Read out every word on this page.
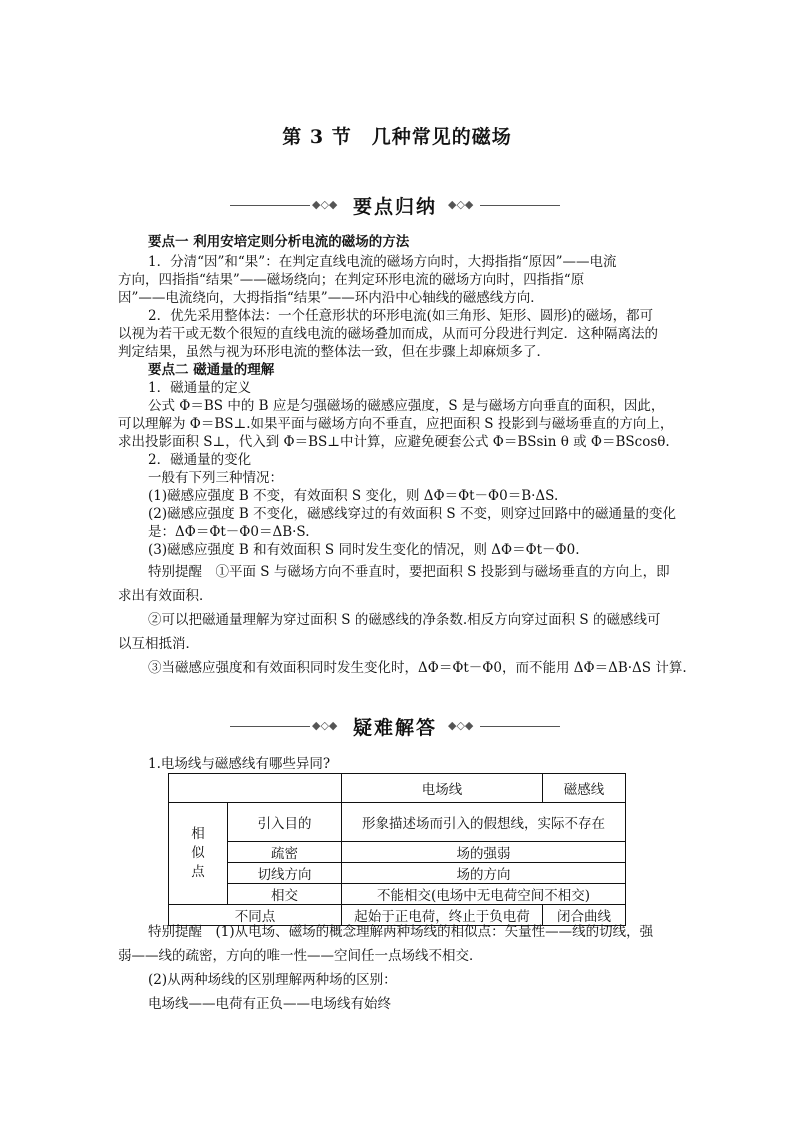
第 3 节　几种常见的磁场
◆◇◆ 要点归纳	◆◇◆
要点一 利用安培定则分析电流的磁场的方法
1．分清“因”和“果”：在判定直线电流的磁场方向时，大拇指指“原因”——电流
方向，四指指“结果”——磁场绕向；在判定环形电流的磁场方向时，四指指“原
因”——电流绕向，大拇指指“结果”——环内沿中心轴线的磁感线方向．
2．优先采用整体法：一个任意形状的环形电流(如三角形、矩形、圆形)的磁场，都可
以视为若干或无数个很短的直线电流的磁场叠加而成，从而可分段进行判定．这种隔离法的
判定结果，虽然与视为环形电流的整体法一致，但在步骤上却麻烦多了．
要点二 磁通量的理解
1．磁通量的定义
公式 Φ＝BS 中的 B 应是匀强磁场的磁感应强度，S 是与磁场方向垂直的面积，因此，
可以理解为 Φ＝BS⊥.如果平面与磁场方向不垂直，应把面积 S 投影到与磁场垂直的方向上，
求出投影面积 S⊥，代入到 Φ＝BS⊥中计算，应避免硬套公式 Φ＝BSsin θ 或 Φ＝BScosθ.
2．磁通量的变化
一般有下列三种情况：
(1)磁感应强度 B 不变，有效面积 S 变化，则 ΔΦ＝Φt－Φ0＝B·ΔS.
(2)磁感应强度 B 不变化，磁感线穿过的有效面积 S 不变，则穿过回路中的磁通量的变化
是：ΔΦ＝Φt－Φ0＝ΔB·S.
(3)磁感应强度 B 和有效面积 S 同时发生变化的情况，则 ΔΦ＝Φt－Φ0.
特别提醒　①平面 S 与磁场方向不垂直时，要把面积 S 投影到与磁场垂直的方向上，即
求出有效面积．
②可以把磁通量理解为穿过面积 S 的磁感线的净条数.相反方向穿过面积 S 的磁感线可
以互相抵消．
③当磁感应强度和有效面积同时发生变化时，ΔΦ＝Φt－Φ0，而不能用 ΔΦ＝ΔB·ΔS 计算.
◆◇◆ 疑难解答	◆◇◆
1.电场线与磁感线有哪些异同?
		电场线	磁感线
相似点	引入目的	形象描述场而引入的假想线，实际不存在	
	疏密	场的强弱	
	切线方向	场的方向	
	相交	不能相交(电场中无电荷空间不相交)	
不同点		起始于正电荷，终止于负电荷	闭合曲线
特别提醒　(1)从电场、磁场的概念理解两种场线的相似点：矢量性——线的切线，强
弱——线的疏密，方向的唯一性——空间任一点场线不相交．
(2)从两种场线的区别理解两种场的区别：
电场线——电荷有正负——电场线有始终
